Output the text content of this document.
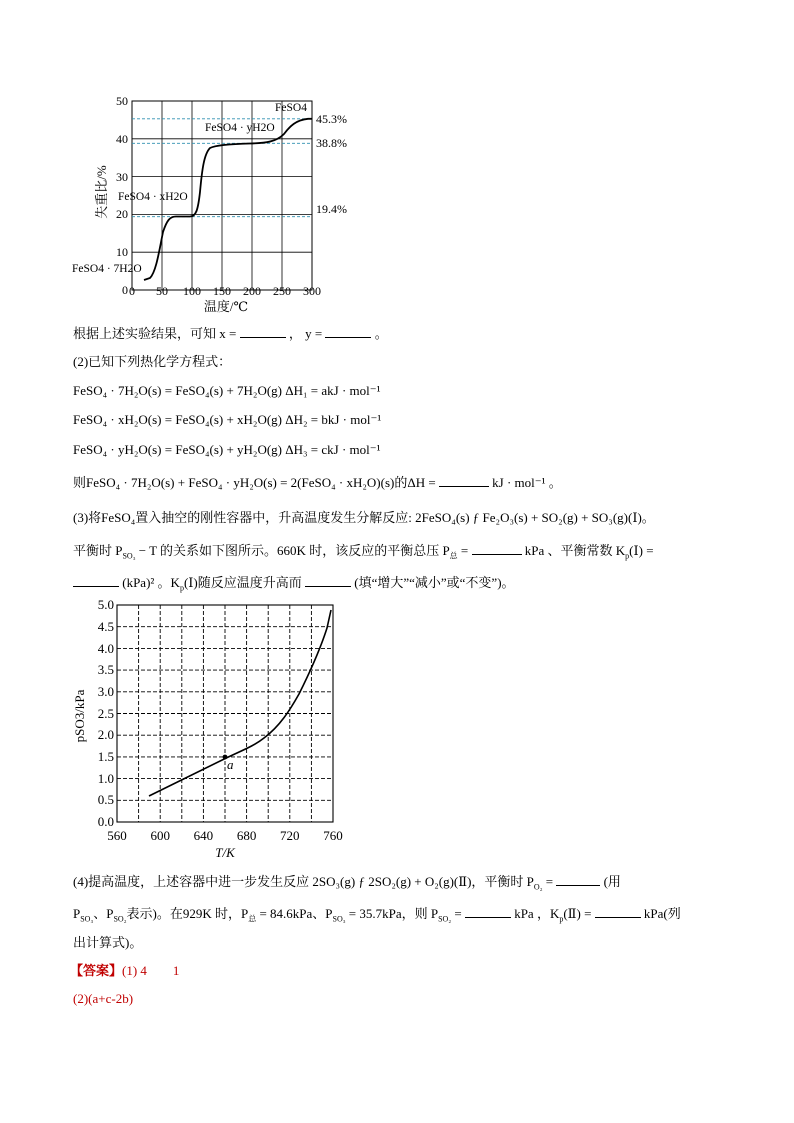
0
10
20
30
40
50
0 50 100 150 200 250 300
温度/℃
失重比/%
45.3%
38.8%
19.4%
FeSO4
FeSO4 · yH2O
FeSO4 · xH2O
FeSO4 · 7H2O
根据上述实验结果，可知 x =	， y =	。
(2)已知下列热化学方程式：
FeSO₄ · 7H₂O(s) = FeSO₄(s) + 7H₂O(g) ΔH₁ = akJ · mol⁻¹
FeSO₄ · xH₂O(s) = FeSO₄(s) + xH₂O(g) ΔH₂ = bkJ · mol⁻¹
FeSO₄ · yH₂O(s) = FeSO₄(s) + yH₂O(g) ΔH₃ = ckJ · mol⁻¹
则FeSO₄ · 7H₂O(s) + FeSO₄ · yH₂O(s) = 2(FeSO₄ · xH₂O)(s)的ΔH =	kJ · mol⁻¹ 。
(3)将FeSO₄置入抽空的刚性容器中，升高温度发生分解反应: 2FeSO₄(s) ƒ Fe₂O₃(s) + SO₂(g) + SO₃(g)(Ⅰ)。
平衡时 $P_{SO_3} - T$ 的关系如下图所示。660K 时，该反应的平衡总压 $P_总$ =	kPa 、平衡常数 $K_p(Ⅰ)$ =
(kPa)² 。$K_p(Ⅰ)$随反应温度升高而	(填“增大”“减小”或“不变”)。
a
0.0
0.5
1.0
1.5
2.0
2.5
3.0
3.5
4.0
4.5
5.0
560 600 640 680 720 760
T/K
pSO3/kPa
(4)提高温度，上述容器中进一步发生反应 2SO₃(g) ƒ 2SO₂(g) + O₂(g)(Ⅱ)，平衡时 $P_{O_2}$ =	(用
$P_{SO_3}$、$P_{SO_2}$表示)。在929K 时，$P_总 = 84.6kPa$、$P_{SO_3} = 35.7kPa$，则 $P_{SO_2}$ =	kPa ，$K_p(Ⅱ)$ =	kPa(列
出计算式)。
【答案】(1) 4        1
(2)(a+c-2b)
